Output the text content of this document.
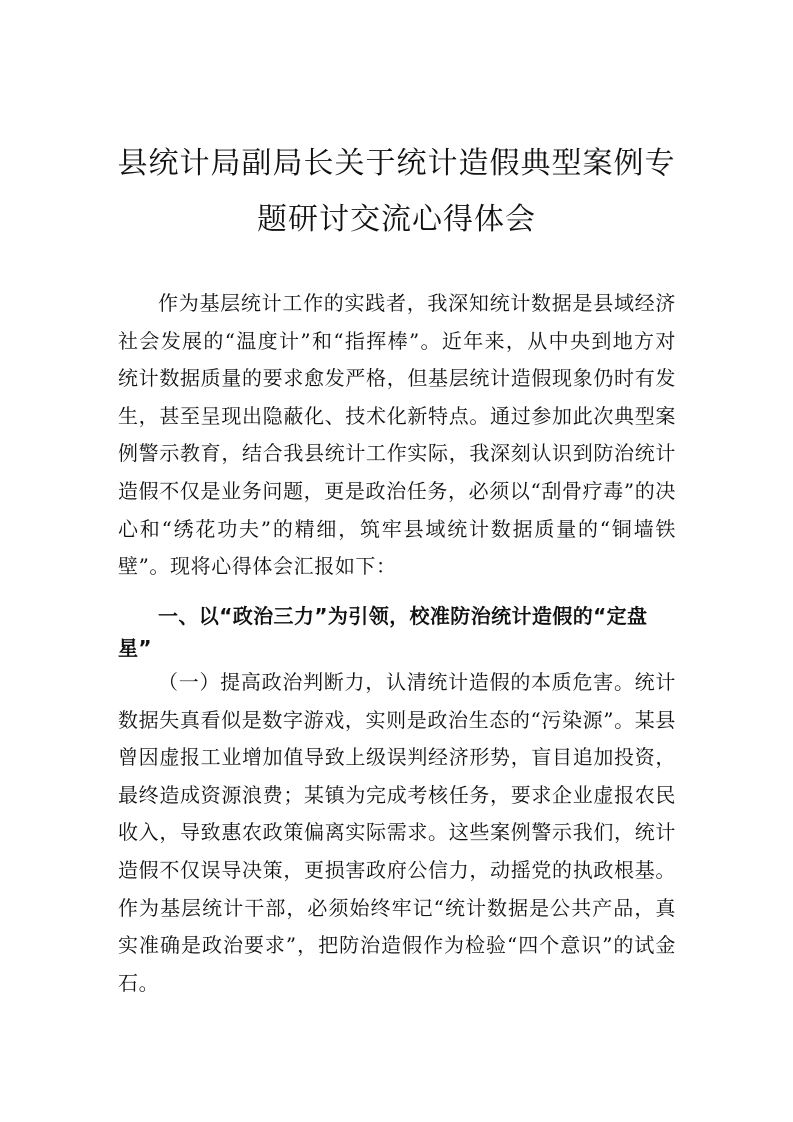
县统计局副局长关于统计造假典型案例专
题研讨交流心得体会

作为基层统计工作的实践者，我深知统计数据是县域经济社会发展的“温度计”和“指挥棒”。近年来，从中央到地方对统计数据质量的要求愈发严格，但基层统计造假现象仍时有发生，甚至呈现出隐蔽化、技术化新特点。通过参加此次典型案例警示教育，结合我县统计工作实际，我深刻认识到防治统计造假不仅是业务问题，更是政治任务，必须以“刮骨疗毒”的决心和“绣花功夫”的精细，筑牢县域统计数据质量的“铜墙铁壁”。现将心得体会汇报如下：

一、以“政治三力”为引领，校准防治统计造假的“定盘星”

（一）提高政治判断力，认清统计造假的本质危害。统计数据失真看似是数字游戏，实则是政治生态的“污染源”。某县曾因虚报工业增加值导致上级误判经济形势，盲目追加投资，最终造成资源浪费；某镇为完成考核任务，要求企业虚报农民收入，导致惠农政策偏离实际需求。这些案例警示我们，统计造假不仅误导决策，更损害政府公信力，动摇党的执政根基。作为基层统计干部，必须始终牢记“统计数据是公共产品，真实准确是政治要求”，把防治造假作为检验“四个意识”的试金石。
